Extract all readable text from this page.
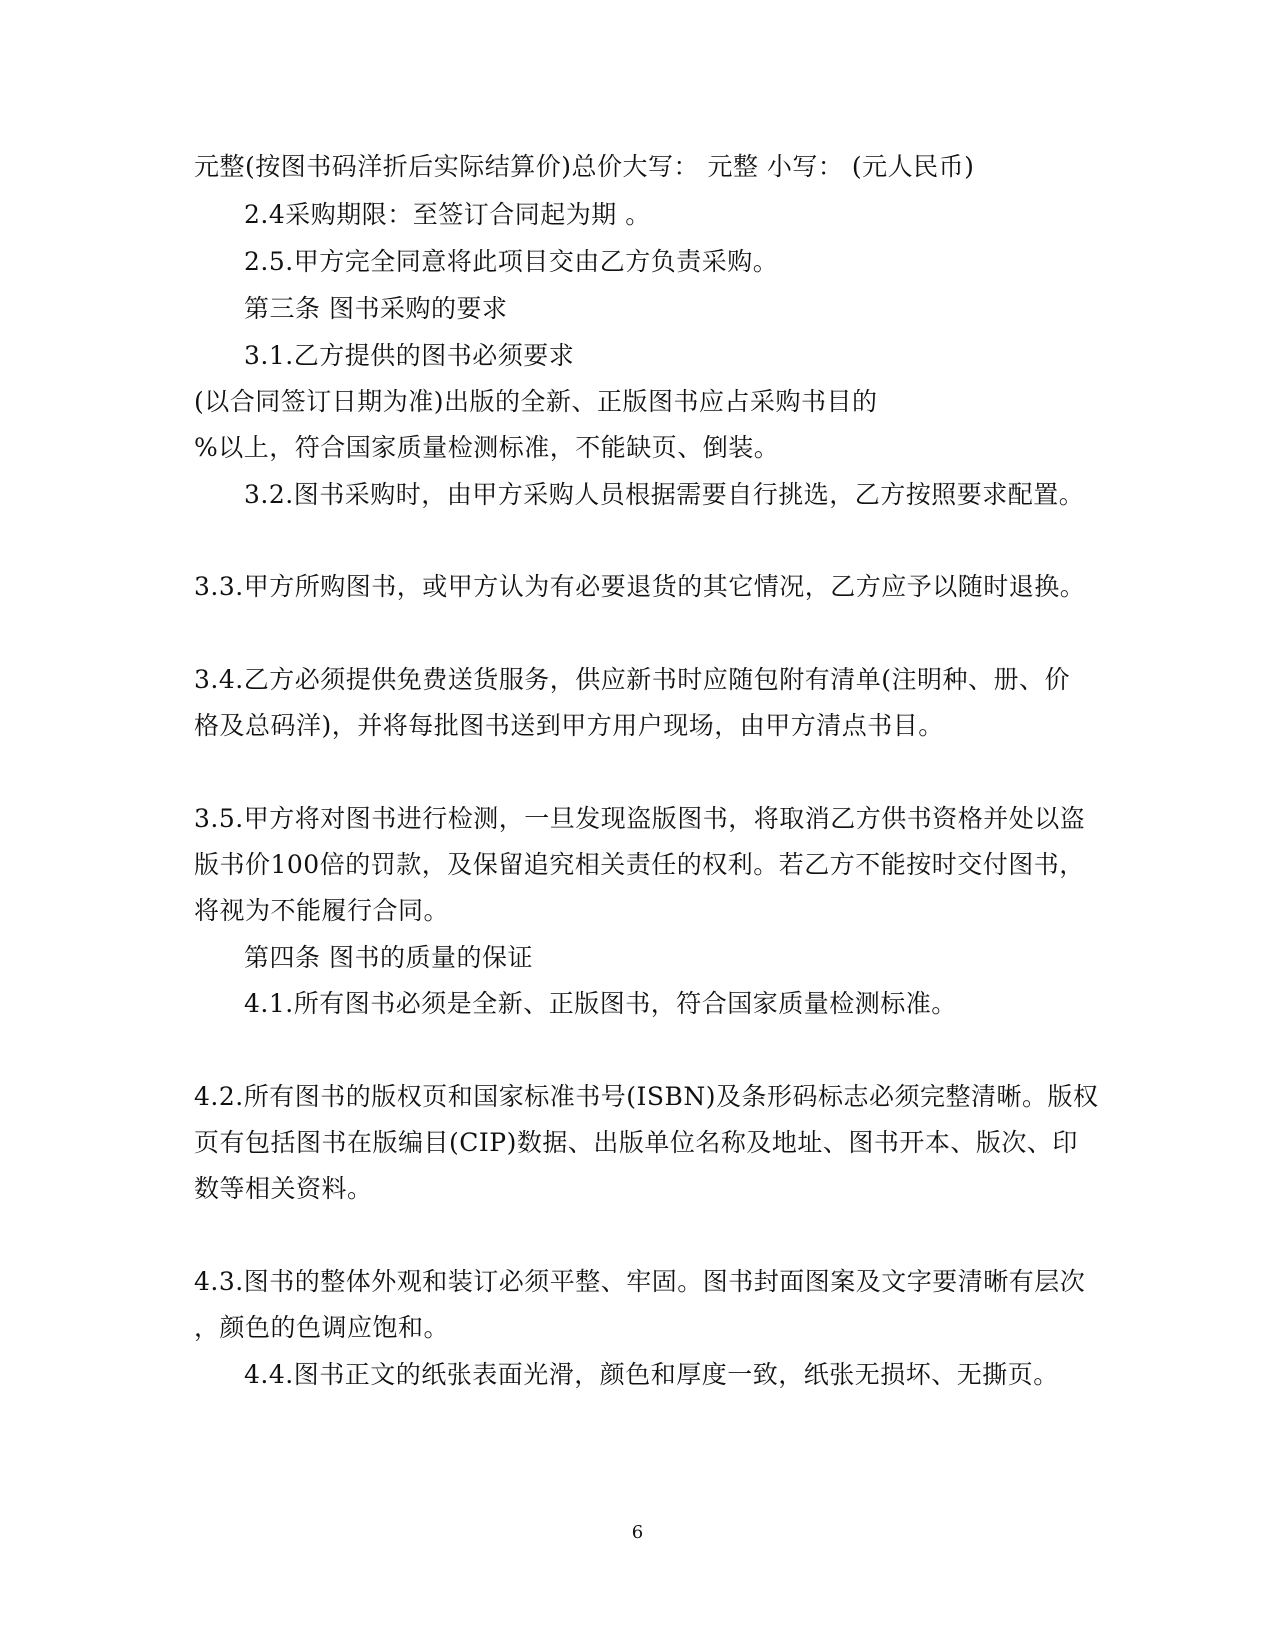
元整(按图书码洋折后实际结算价)总价大写： 元整 小写： (元人民币)
2.4采购期限：至签订合同起为期 。
2.5.甲方完全同意将此项目交由乙方负责采购。
第三条 图书采购的要求
3.1.乙方提供的图书必须要求
(以合同签订日期为准)出版的全新、正版图书应占采购书目的
%以上，符合国家质量检测标准，不能缺页、倒装。
3.2.图书采购时，由甲方采购人员根据需要自行挑选，乙方按照要求配置。
3.3.甲方所购图书，或甲方认为有必要退货的其它情况，乙方应予以随时退换。
3.4.乙方必须提供免费送货服务，供应新书时应随包附有清单(注明种、册、价
格及总码洋)，并将每批图书送到甲方用户现场，由甲方清点书目。
3.5.甲方将对图书进行检测，一旦发现盗版图书，将取消乙方供书资格并处以盗
版书价100倍的罚款，及保留追究相关责任的权利。若乙方不能按时交付图书，
将视为不能履行合同。
第四条 图书的质量的保证
4.1.所有图书必须是全新、正版图书，符合国家质量检测标准。
4.2.所有图书的版权页和国家标准书号(ISBN)及条形码标志必须完整清晰。版权
页有包括图书在版编目(CIP)数据、出版单位名称及地址、图书开本、版次、印
数等相关资料。
4.3.图书的整体外观和装订必须平整、牢固。图书封面图案及文字要清晰有层次
，颜色的色调应饱和。
4.4.图书正文的纸张表面光滑，颜色和厚度一致，纸张无损坏、无撕页。
6
